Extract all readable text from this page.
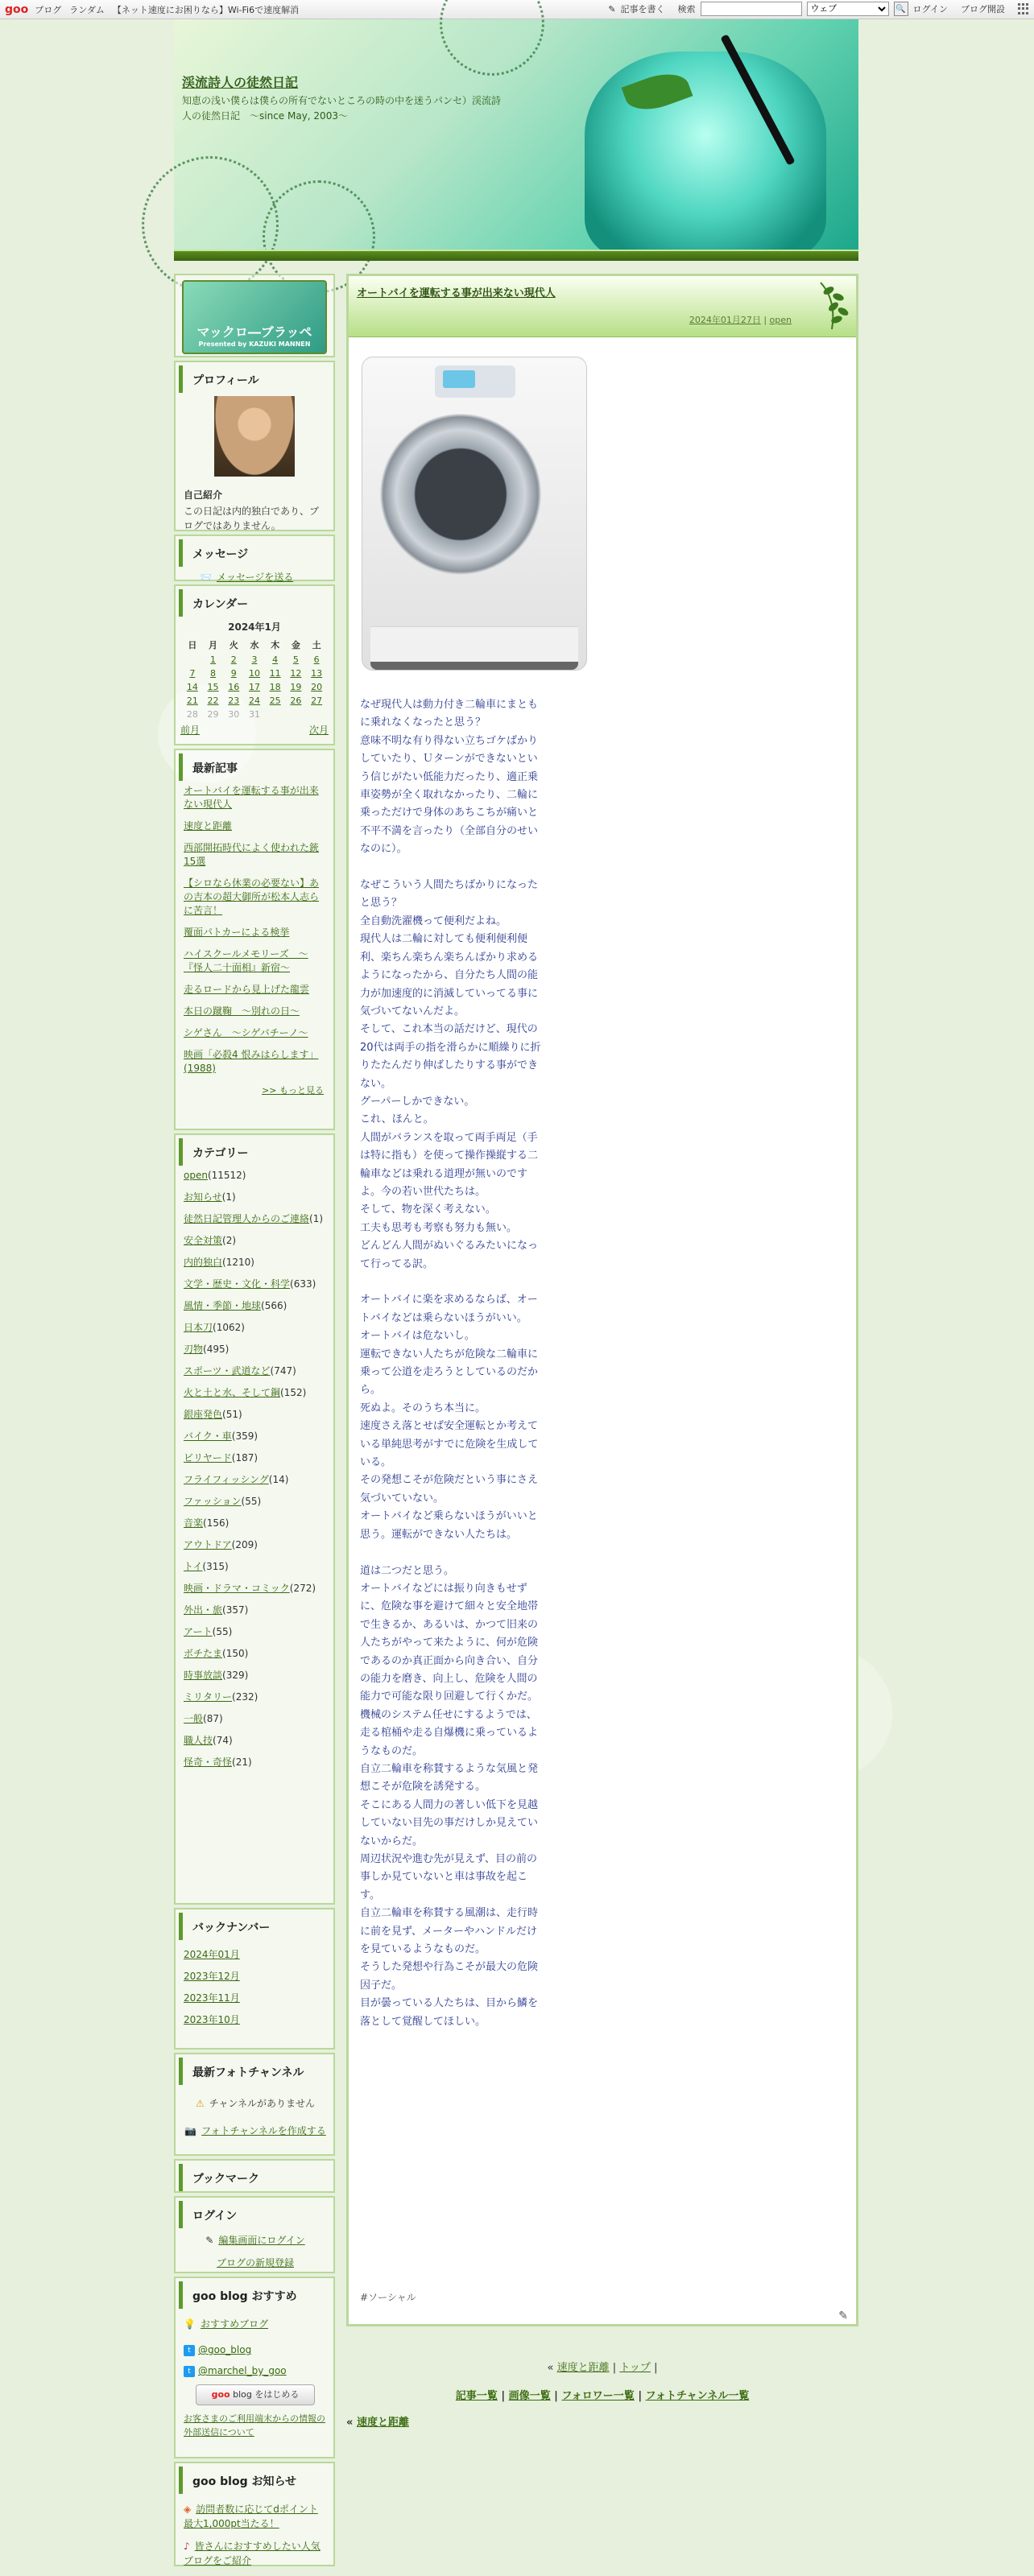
goo ブログ ランダム 【ネット速度にお困りなら】Wi-Fi6で速度解消	✎ 記事を書く 検索
ウェブ	🔍 ログイン ブログ開設
渓流詩人の徒然日記
知恵の浅い僕らは僕らの所有でないところの時の中を迷うパンセ）渓流詩人の徒然日記　～since May, 2003～
マックロ―ブラッペ
Presented by KAZUKI MANNEN
プロフィール

自己紹介

この日記は内的独白であり、ブログではありません。

メッセージ
📨 メッセージを送る
カレンダー
2024年1月
日	月	火	水	木	金	土
	1	2	3	4	5	6
7	8	9	10	11	12	13
14	15	16	17	18	19	20
21	22	23	24	25	26	27
28	29	30	31			
前月	次月
最新記事
オートバイを運転する事が出来ない現代人
速度と距離
西部開拓時代によく使われた銃15選
【シロなら休業の必要ない】あの吉本の超大御所が松本人志らに苦言！
覆面パトカーによる検挙
ハイスクールメモリーズ　～『怪人二十面相』新宿～
走るロードから見上げた龍雲
本日の蹴鞠　～別れの日～
シゲさん　～シゲバチーノ～
映画「必殺4 恨みはらします」(1988)
>> もっと見る
カテゴリー
open(11512)
お知らせ(1)
徒然日記管理人からのご連絡(1)
安全対策(2)
内的独白(1210)
文学・歴史・文化・科学(633)
風情・季節・地球(566)
日本刀(1062)
刃物(495)
スポーツ・武道など(747)
火と土と水、そして鋼(152)
銀座発色(51)
バイク・車(359)
ビリヤード(187)
フライフィッシング(14)
ファッション(55)
音楽(156)
アウトドア(209)
トイ(315)
映画・ドラマ・コミック(272)
外出・旅(357)
アート(55)
ボチたま(150)
時事放談(329)
ミリタリー(232)
一般(87)
職人技(74)
怪奇・奇怪(21)
バックナンバー
2024年01月
2023年12月
2023年11月
2023年10月
最新フォトチャンネル

⚠ チャンネルがありません

📷 フォトチャンネルを作成する

ブックマーク
ログイン

✎ 編集画面にログイン

ブログの新規登録

goo blog おすすめ

💡 おすすめブログ

t @goo_blog

t @marchel_by_goo

goo blog をはじめる
お客さまのご利用端末からの情報の外部送信について
goo blog お知らせ

◈ 訪問者数に応じてdポイント最大1,000pt当たる！

♪ 皆さんにおすすめしたい人気ブログをご紹介

オートバイを運転する事が出来ない現代人
2024年01月27日 | open

なぜ現代人は動力付き二輪車にまともに乗れなくなったと思う？
意味不明な有り得ない立ちゴケばかりしていたり、Ｕターンができないという信じがたい低能力だったり、適正乗車姿勢が全く取れなかったり、二輪に乗っただけで身体のあちこちが痛いと不平不満を言ったり（全部自分のせいなのに）。

なぜこういう人間たちばかりになったと思う？
全自動洗濯機って便利だよね。
現代人は二輪に対しても便利便利便利、楽ちん楽ちん楽ちんばかり求めるようになったから、自分たち人間の能力が加速度的に消滅していってる事に気づいてないんだよ。
そして、これ本当の話だけど、現代の20代は両手の指を滑らかに順繰りに折りたたんだり伸ばしたりする事ができない。
グーパーしかできない。
これ、ほんと。
人間がバランスを取って両手両足（手は特に指も）を使って操作操縦する二輪車などは乗れる道理が無いのですよ。今の若い世代たちは。
そして、物を深く考えない。
工夫も思考も考察も努力も無い。
どんどん人間がぬいぐるみたいになって行ってる訳。

オートバイに楽を求めるならば、オートバイなどは乗らないほうがいい。
オートバイは危ないし。
運転できない人たちが危険な二輪車に乗って公道を走ろうとしているのだから。
死ぬよ。そのうち本当に。
速度さえ落とせば安全運転とか考えている単純思考がすでに危険を生成している。
その発想こそが危険だという事にさえ気づいていない。
オートバイなど乗らないほうがいいと思う。運転ができない人たちは。

道は二つだと思う。
オートバイなどには振り向きもせずに、危険な事を避けて細々と安全地帯で生きるか、あるいは、かつて旧来の人たちがやって来たように、何が危険であるのか真正面から向き合い、自分の能力を磨き、向上し、危険を人間の能力で可能な限り回避して行くかだ。
機械のシステム任せにするようでは、走る棺桶や走る自爆機に乗っているようなものだ。
自立二輪車を称賛するような気風と発想こそが危険を誘発する。
そこにある人間力の著しい低下を見越していない目先の事だけしか見えていないからだ。
周辺状況や進む先が見えず、目の前の事しか見ていないと車は事故を起こす。
自立二輪車を称賛する風潮は、走行時に前を見ず、メーターやハンドルだけを見ているようなものだ。
そうした発想や行為こそが最大の危険因子だ。
目が曇っている人たちは、目から鱗を落として覚醒してほしい。

#ソーシャル
✎
« 速度と距離 | トップ |
記事一覧 | 画像一覧 | フォロワー一覧 | フォトチャンネル一覧
« 速度と距離
